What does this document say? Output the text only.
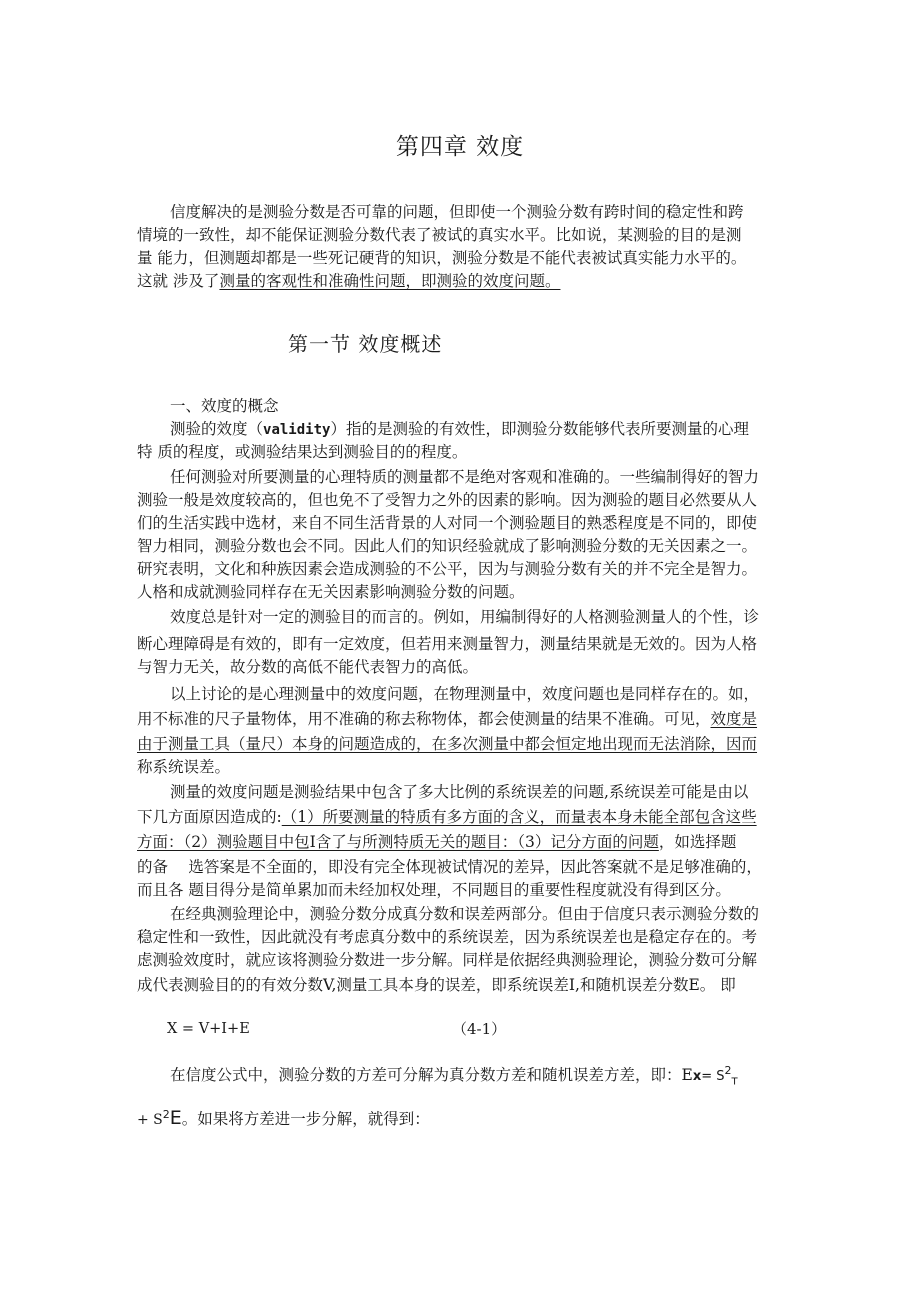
第四章 效度
信度解决的是测验分数是否可靠的问题，但即使一个测验分数有跨时间的稳定性和跨
情境的一致性，却不能保证测验分数代表了被试的真实水平。比如说，某测验的目的是测
量 能力，但测题却都是一些死记硬背的知识，测验分数是不能代表被试真实能力水平的。
这就 涉及了测量的客观性和准确性问题，即测验的效度问题。
第一节 效度概述
一、效度的概念
测验的效度（validity）指的是测验的有效性，即测验分数能够代表所要测量的心理
特 质的程度，或测验结果达到测验目的的程度。
任何测验对所要测量的心理特质的测量都不是绝对客观和准确的。一些编制得好的智力
测验一般是效度较高的，但也免不了受智力之外的因素的影响。因为测验的题目必然要从人
们的生活实践中选材，来自不同生活背景的人对同一个测验题目的熟悉程度是不同的，即使
智力相同，测验分数也会不同。因此人们的知识经验就成了影响测验分数的无关因素之一。
研究表明，文化和种族因素会造成测验的不公平，因为与测验分数有关的并不完全是智力。
人格和成就测验同样存在无关因素影响测验分数的问题。
效度总是针对一定的测验目的而言的。例如，用编制得好的人格测验测量人的个性，诊
断心理障碍是有效的，即有一定效度，但若用来测量智力，测量结果就是无效的。因为人格
与智力无关，故分数的高低不能代表智力的高低。
以上讨论的是心理测量中的效度问题，在物理测量中，效度问题也是同样存在的。如，
用不标准的尺子量物体，用不准确的称去称物体，都会使测量的结果不准确。可见，效度是
由于测量工具（量尺）本身的问题造成的，在多次测量中都会恒定地出现而无法消除，因而
称系统误差。
测量的效度问题是测验结果中包含了多大比例的系统误差的问题,系统误差可能是由以
下几方面原因造成的:（1）所要测量的特质有多方面的含义，而量表本身未能全部包含这些
方面：（2）测验题目中包I含了与所测特质无关的题目：（3）记分方面的问题，如选择题
的备　 选答案是不全面的，即没有完全体现被试情况的差异，因此答案就不是足够准确的，
而且各 题目得分是简单累加而未经加权处理，不同题目的重要性程度就没有得到区分。
在经典测验理论中，测验分数分成真分数和误差两部分。但由于信度只表示测验分数的
稳定性和一致性，因此就没有考虑真分数中的系统误差，因为系统误差也是稳定存在的。考
虑测验效度时，就应该将测验分数进一步分解。同样是依据经典测验理论，测验分数可分解
成代表测验目的的有效分数V,测量工具本身的误差，即系统误差I,和随机误差分数E。 即
X = V+I+E	（4-1）
在信度公式中，测验分数的方差可分解为真分数方差和随机误差方差，即：$Ex= S^2_T$
+ $S^2E$。如果将方差进一步分解，就得到：
